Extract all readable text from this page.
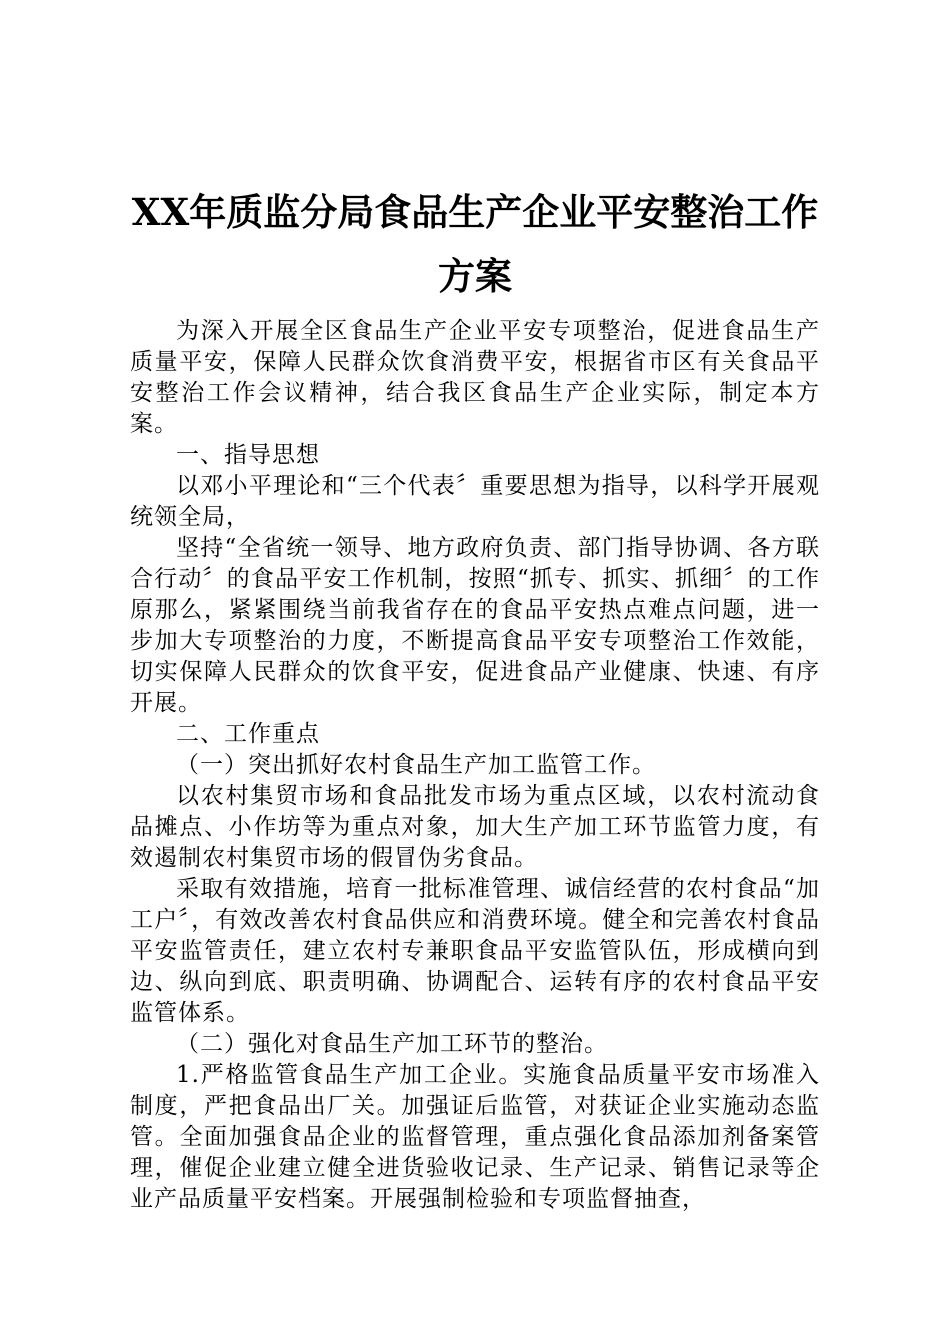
XX年质监分局食品生产企业平安整治工作方案

为深入开展全区食品生产企业平安专项整治，促进食品生产质量平安，保障人民群众饮食消费平安，根据省市区有关食品平安整治工作会议精神，结合我区食品生产企业实际，制定本方案。

一、指导思想

以邓小平理论和“三个代表〞重要思想为指导，以科学开展观统领全局，

坚持“全省统一领导、地方政府负责、部门指导协调、各方联合行动〞的食品平安工作机制，按照“抓专、抓实、抓细〞的工作原那么，紧紧围绕当前我省存在的食品平安热点难点问题，进一步加大专项整治的力度，不断提高食品平安专项整治工作效能，切实保障人民群众的饮食平安，促进食品产业健康、快速、有序开展。

二、工作重点

（一）突出抓好农村食品生产加工监管工作。

以农村集贸市场和食品批发市场为重点区域，以农村流动食品摊点、小作坊等为重点对象，加大生产加工环节监管力度，有效遏制农村集贸市场的假冒伪劣食品。

采取有效措施，培育一批标准管理、诚信经营的农村食品“加工户〞，有效改善农村食品供应和消费环境。健全和完善农村食品平安监管责任，建立农村专兼职食品平安监管队伍，形成横向到边、纵向到底、职责明确、协调配合、运转有序的农村食品平安监管体系。

（二）强化对食品生产加工环节的整治。

1.严格监管食品生产加工企业。实施食品质量平安市场准入制度，严把食品出厂关。加强证后监管，对获证企业实施动态监管。全面加强食品企业的监督管理，重点强化食品添加剂备案管理，催促企业建立健全进货验收记录、生产记录、销售记录等企业产品质量平安档案。开展强制检验和专项监督抽查，
